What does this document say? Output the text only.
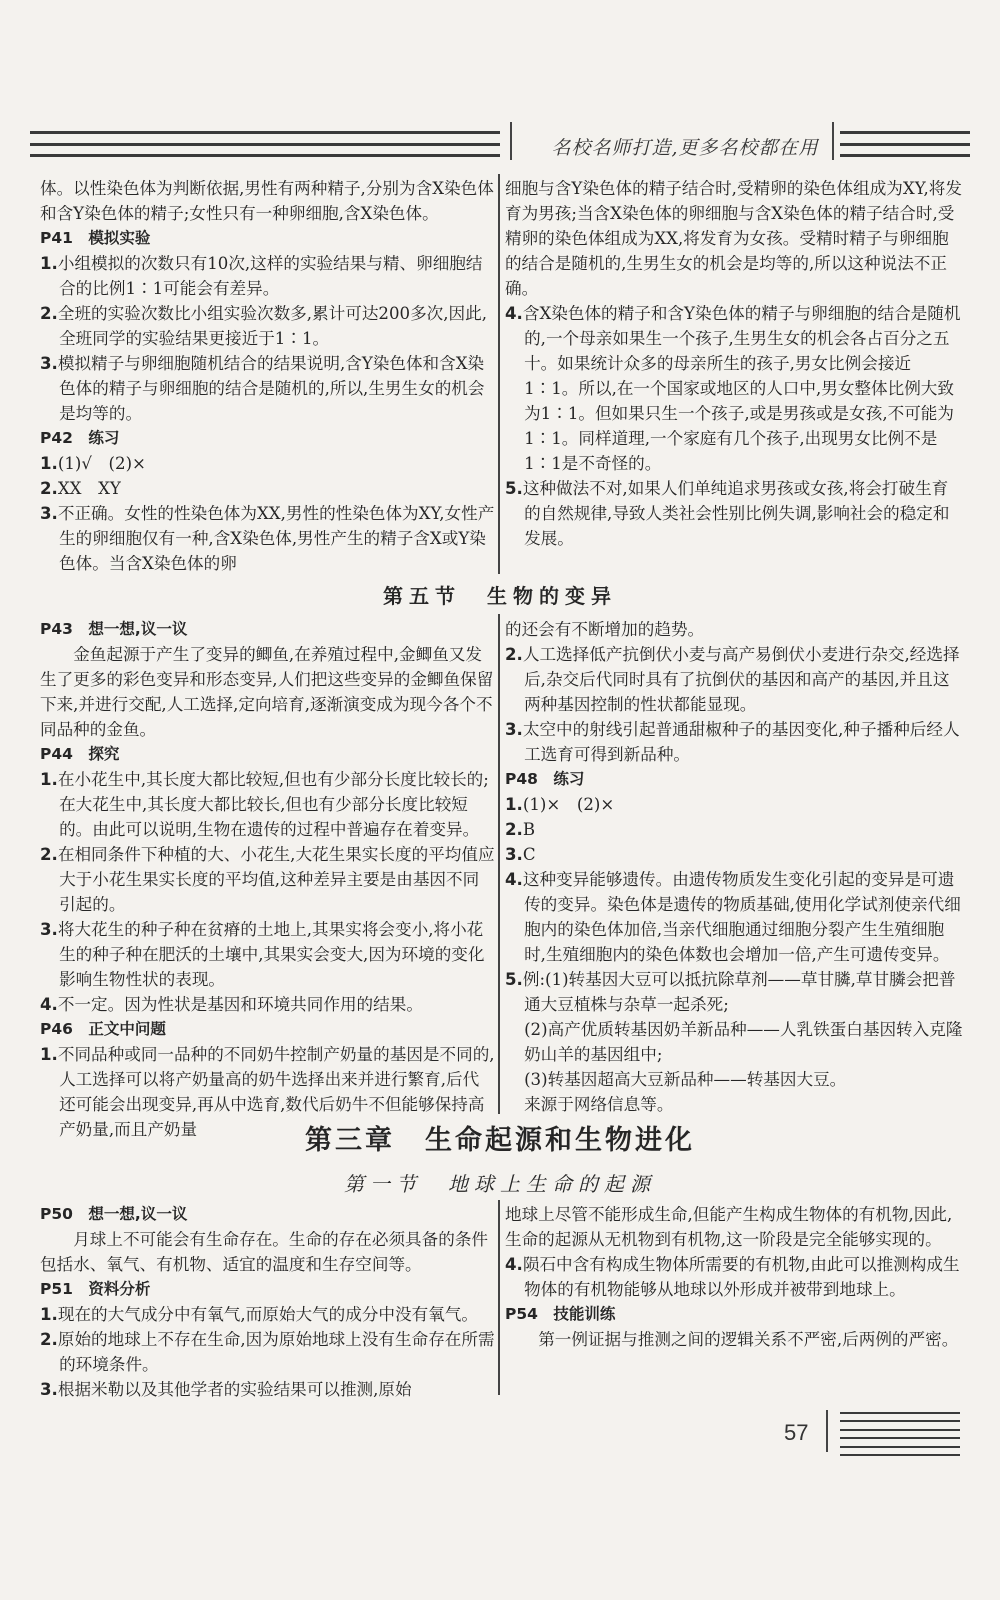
名校名师打造,更多名校都在用

体。以性染色体为判断依据,男性有两种精子,分别为含X染色体和含Y染色体的精子;女性只有一种卵细胞,含X染色体。

P41　模拟实验

1.小组模拟的次数只有10次,这样的实验结果与精、卵细胞结合的比例1∶1可能会有差异。

2.全班的实验次数比小组实验次数多,累计可达200多次,因此,全班同学的实验结果更接近于1∶1。

3.模拟精子与卵细胞随机结合的结果说明,含Y染色体和含X染色体的精子与卵细胞的结合是随机的,所以,生男生女的机会是均等的。

P42　练习

1.(1)√　(2)×

2.XX　XY

3.不正确。女性的性染色体为XX,男性的性染色体为XY,女性产生的卵细胞仅有一种,含X染色体,男性产生的精子含X或Y染色体。当含X染色体的卵

细胞与含Y染色体的精子结合时,受精卵的染色体组成为XY,将发育为男孩;当含X染色体的卵细胞与含X染色体的精子结合时,受精卵的染色体组成为XX,将发育为女孩。受精时精子与卵细胞的结合是随机的,生男生女的机会是均等的,所以这种说法不正确。

4.含X染色体的精子和含Y染色体的精子与卵细胞的结合是随机的,一个母亲如果生一个孩子,生男生女的机会各占百分之五十。如果统计众多的母亲所生的孩子,男女比例会接近1∶1。所以,在一个国家或地区的人口中,男女整体比例大致为1∶1。但如果只生一个孩子,或是男孩或是女孩,不可能为1∶1。同样道理,一个家庭有几个孩子,出现男女比例不是1∶1是不奇怪的。

5.这种做法不对,如果人们单纯追求男孩或女孩,将会打破生育的自然规律,导致人类社会性别比例失调,影响社会的稳定和发展。

第五节　生物的变异

P43　想一想,议一议

金鱼起源于产生了变异的鲫鱼,在养殖过程中,金鲫鱼又发生了更多的彩色变异和形态变异,人们把这些变异的金鲫鱼保留下来,并进行交配,人工选择,定向培育,逐渐演变成为现今各个不同品种的金鱼。

P44　探究

1.在小花生中,其长度大都比较短,但也有少部分长度比较长的;在大花生中,其长度大都比较长,但也有少部分长度比较短的。由此可以说明,生物在遗传的过程中普遍存在着变异。

2.在相同条件下种植的大、小花生,大花生果实长度的平均值应大于小花生果实长度的平均值,这种差异主要是由基因不同引起的。

3.将大花生的种子种在贫瘠的土地上,其果实将会变小,将小花生的种子种在肥沃的土壤中,其果实会变大,因为环境的变化影响生物性状的表现。

4.不一定。因为性状是基因和环境共同作用的结果。

P46　正文中问题

1.不同品种或同一品种的不同奶牛控制产奶量的基因是不同的,人工选择可以将产奶量高的奶牛选择出来并进行繁育,后代还可能会出现变异,再从中选育,数代后奶牛不但能够保持高产奶量,而且产奶量

的还会有不断增加的趋势。

2.人工选择低产抗倒伏小麦与高产易倒伏小麦进行杂交,经选择后,杂交后代同时具有了抗倒伏的基因和高产的基因,并且这两种基因控制的性状都能显现。

3.太空中的射线引起普通甜椒种子的基因变化,种子播种后经人工选育可得到新品种。

P48　练习

1.(1)×　(2)×

2.B

3.C

4.这种变异能够遗传。由遗传物质发生变化引起的变异是可遗传的变异。染色体是遗传的物质基础,使用化学试剂使亲代细胞内的染色体加倍,当亲代细胞通过细胞分裂产生生殖细胞时,生殖细胞内的染色体数也会增加一倍,产生可遗传变异。

5.例:(1)转基因大豆可以抵抗除草剂——草甘膦,草甘膦会把普通大豆植株与杂草一起杀死;

(2)高产优质转基因奶羊新品种——人乳铁蛋白基因转入克隆奶山羊的基因组中;

(3)转基因超高大豆新品种——转基因大豆。

来源于网络信息等。

第三章　生命起源和生物进化
第一节　地球上生命的起源

P50　想一想,议一议

月球上不可能会有生命存在。生命的存在必须具备的条件包括水、氧气、有机物、适宜的温度和生存空间等。

P51　资料分析

1.现在的大气成分中有氧气,而原始大气的成分中没有氧气。

2.原始的地球上不存在生命,因为原始地球上没有生命存在所需的环境条件。

3.根据米勒以及其他学者的实验结果可以推测,原始

地球上尽管不能形成生命,但能产生构成生物体的有机物,因此,生命的起源从无机物到有机物,这一阶段是完全能够实现的。

4.陨石中含有构成生物体所需要的有机物,由此可以推测构成生物体的有机物能够从地球以外形成并被带到地球上。

P54　技能训练

第一例证据与推测之间的逻辑关系不严密,后两例的严密。

57
